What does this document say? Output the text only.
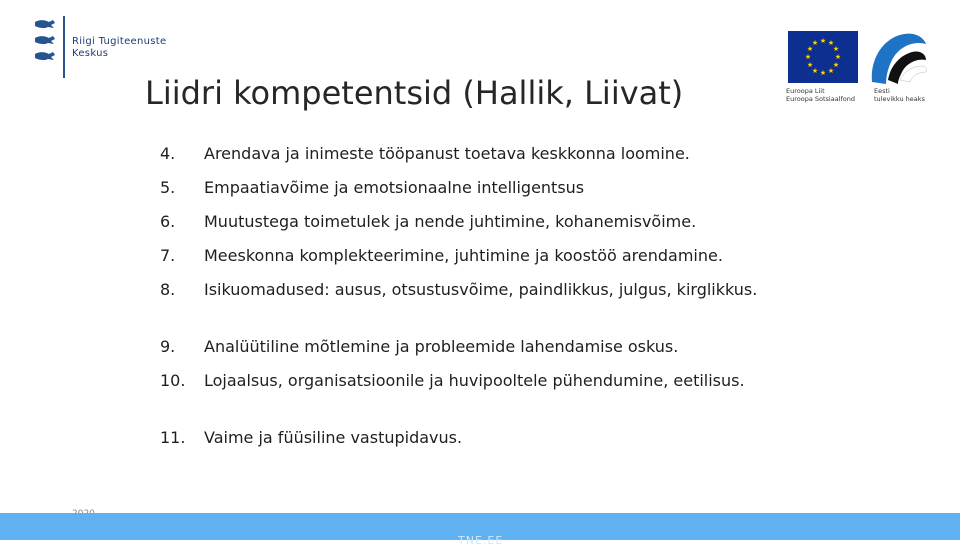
Riigi Tugiteenuste
Keskus
Liidri kompetentsid (Hallik, Liivat)
★ ★
★
★
★
★
★
★
★
★
★
★
Euroopa Liit
Euroopa Sotsiaalfond
Eesti
tulevikku heaks
4.	Arendava ja inimeste tööpanust toetava keskkonna loomine.
5.	Empaatiavõime ja emotsionaalne intelligentsus
6.	Muutustega toimetulek ja nende juhtimine, kohanemisvõime.
7.	Meeskonna komplekteerimine, juhtimine ja koostöö arendamine.
8.	Isikuomadused: ausus, otsustusvõime, paindlikkus, julgus, kirglikkus.
9.	Analüütiline mõtlemine ja probleemide lahendamise oskus.
10.	Lojaalsus, organisatsioonile ja huvipooltele pühendumine, eetilisus.
11.	Vaime ja füüsiline vastupidavus.
TNE.EE
